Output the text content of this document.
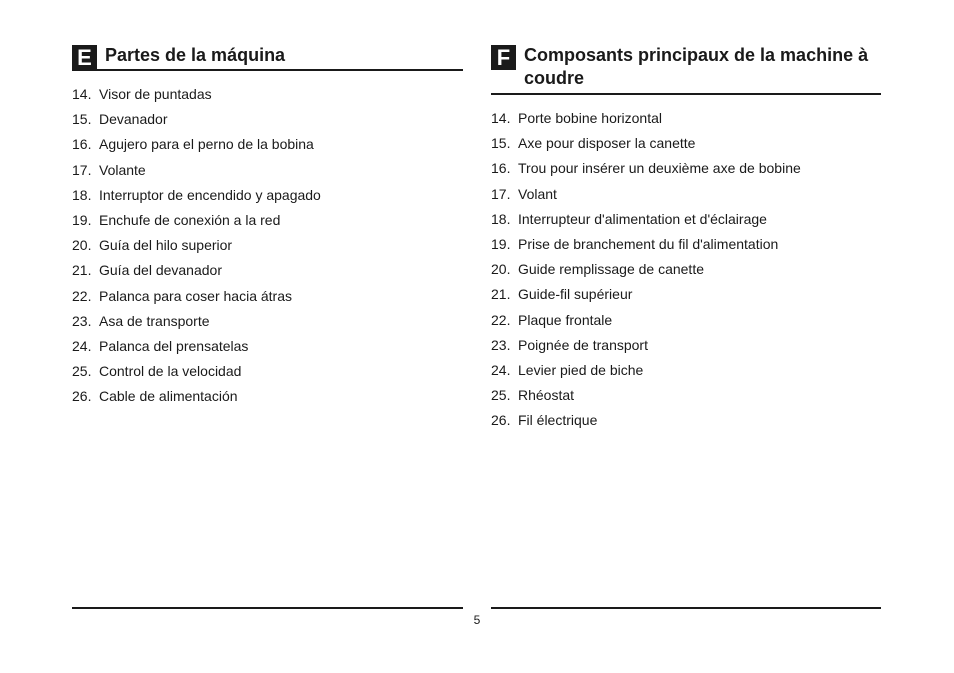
E Partes de la máquina
14. Visor de puntadas
15. Devanador
16. Agujero para el perno de la bobina
17. Volante
18. Interruptor de encendido y apagado
19. Enchufe de conexión a la red
20. Guía del hilo superior
21. Guía del devanador
22. Palanca para coser hacia átras
23. Asa de transporte
24. Palanca del prensatelas
25. Control de la velocidad
26. Cable de alimentación
F Composants principaux de la machine à coudre
14. Porte bobine horizontal
15. Axe pour disposer la canette
16. Trou pour insérer un deuxième axe de bobine
17. Volant
18. Interrupteur d'alimentation et d'éclairage
19. Prise de branchement du fil d'alimentation
20. Guide remplissage de canette
21. Guide-fil supérieur
22. Plaque frontale
23. Poignée de transport
24. Levier pied de biche
25. Rhéostat
26. Fil électrique
5
